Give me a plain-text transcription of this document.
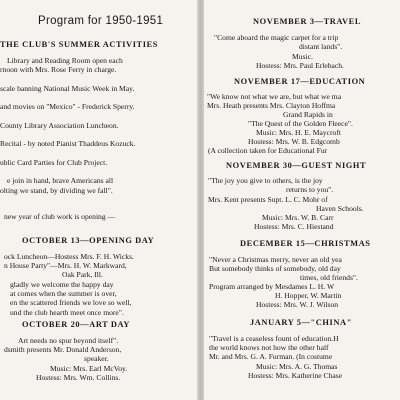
Program for 1950-1951
THE CLUB'S SUMMER ACTIVITIES
Library and Reading Room open each
rnoon with Mrs. Rose Ferry in charge.
scale banning National Music Week in May.
and movies on "Mexico" - Frederick Sperry.
County Library Association Luncheon.
Recital - by noted Pianist Thaddeus Kozuck.
ublic Card Parties for Club Project.
e join in hand, brave Americans all
olting we stand, by dividing we fall".
new year of club work is opening —
OCTOBER 13—OPENING DAY
ock Luncheon—Hostess Mrs. F. H. Wicks.
n House Party"—Mrs. H. W. Markward,
Oak Park, Ill.
gladly we welcome the happy day
at comes when the summer is over,
en the scattered friends we love so well,
und the club hearth meet once more".
OCTOBER 20—ART DAY
Art needs no spur beyond itself".
dsmith presents Mr. Donald Anderson,
speaker.
Music: Mrs. Earl McVoy.
Hostess: Mrs. Wm. Collins.
NOVEMBER 3—TRAVEL
"Come aboard the magic carpet for a trip
distant lands".
Music.
Hostess: Mrs. Paul Erlebach.
NOVEMBER 17—EDUCATION
"We know not what we are, but what we ma
Mrs. Heath presents Mrs. Clayton Hoffma
Grand Rapids in
"The Quest of the Golden Fleece".
Music: Mrs. H. E. Maycroft
Hostess: Mrs. W. B. Edgcomb
(A collection taken for Educational Fur
NOVEMBER 30—GUEST NIGHT
"The joy you give to others, is the joy
returns to you".
Mrs. Kent presents Supt. L. C. Mohr of
Haven Schools.
Music: Mrs. W. B. Carr
Hostess: Mrs. C. Hiestand
DECEMBER 15—CHRISTMAS
"Never a Christmas merry, never an old yea
But somebody thinks of somebody, old day
times, old friends".
Program arranged by Mesdames L. H. W
H. Hopper, W. Martin
Hostess: Mrs. W. J. Wilson
JANUARY 5—"CHINA"
"Travel is a ceaseless fount of education.H
the world knows not how the other half
Mr. and Mrs. G. A. Furman. (In costume
Music: Mrs. A. G. Thomas
Hostess: Mrs. Katherine Chase
